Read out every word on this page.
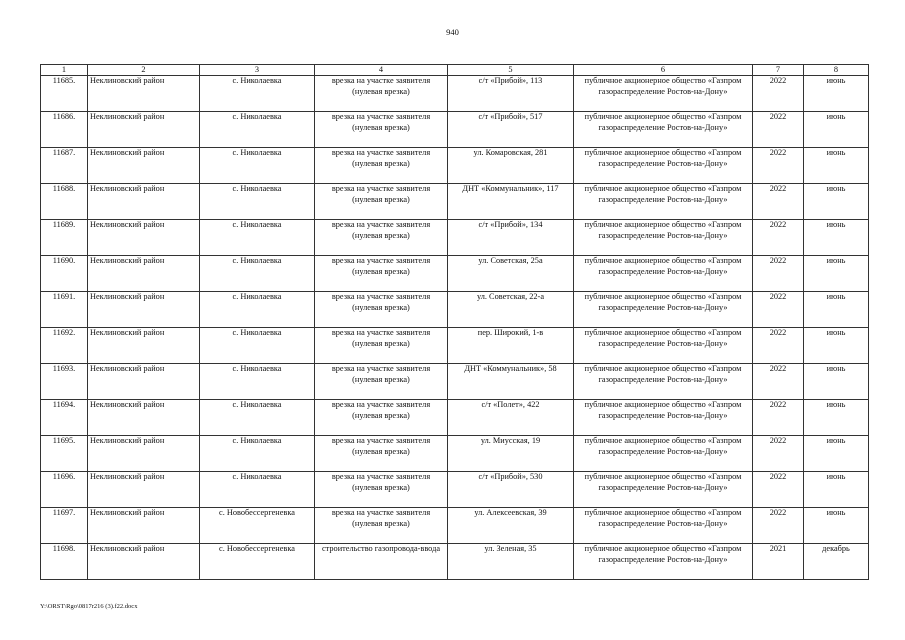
940
1	2	3	4	5	6	7	8
11685.	Неклиновский район	с. Николаевка	врезка на участке заявителя (нулевая врезка)	с/т «Прибой», 113	публичное акционерное общество «Газпром газораспределение Ростов-на-Дону»	2022	июнь
11686.	Неклиновский район	с. Николаевка	врезка на участке заявителя (нулевая врезка)	с/т «Прибой», 517	публичное акционерное общество «Газпром газораспределение Ростов-на-Дону»	2022	июнь
11687.	Неклиновский район	с. Николаевка	врезка на участке заявителя (нулевая врезка)	ул. Комаровская, 281	публичное акционерное общество «Газпром газораспределение Ростов-на-Дону»	2022	июнь
11688.	Неклиновский район	с. Николаевка	врезка на участке заявителя (нулевая врезка)	ДНТ «Коммунальник», 117	публичное акционерное общество «Газпром газораспределение Ростов-на-Дону»	2022	июнь
11689.	Неклиновский район	с. Николаевка	врезка на участке заявителя (нулевая врезка)	с/т «Прибой», 134	публичное акционерное общество «Газпром газораспределение Ростов-на-Дону»	2022	июнь
11690.	Неклиновский район	с. Николаевка	врезка на участке заявителя (нулевая врезка)	ул. Советская, 25а	публичное акционерное общество «Газпром газораспределение Ростов-на-Дону»	2022	июнь
11691.	Неклиновский район	с. Николаевка	врезка на участке заявителя (нулевая врезка)	ул. Советская, 22-а	публичное акционерное общество «Газпром газораспределение Ростов-на-Дону»	2022	июнь
11692.	Неклиновский район	с. Николаевка	врезка на участке заявителя (нулевая врезка)	пер. Широкий, 1-в	публичное акционерное общество «Газпром газораспределение Ростов-на-Дону»	2022	июнь
11693.	Неклиновский район	с. Николаевка	врезка на участке заявителя (нулевая врезка)	ДНТ «Коммунальник», 58	публичное акционерное общество «Газпром газораспределение Ростов-на-Дону»	2022	июнь
11694.	Неклиновский район	с. Николаевка	врезка на участке заявителя (нулевая врезка)	с/т «Полет», 422	публичное акционерное общество «Газпром газораспределение Ростов-на-Дону»	2022	июнь
11695.	Неклиновский район	с. Николаевка	врезка на участке заявителя (нулевая врезка)	ул. Миусская, 19	публичное акционерное общество «Газпром газораспределение Ростов-на-Дону»	2022	июнь
11696.	Неклиновский район	с. Николаевка	врезка на участке заявителя (нулевая врезка)	с/т «Прибой», 530	публичное акционерное общество «Газпром газораспределение Ростов-на-Дону»	2022	июнь
11697.	Неклиновский район	с. Новобессергеневка	врезка на участке заявителя (нулевая врезка)	ул. Алексеевская, 39	публичное акционерное общество «Газпром газораспределение Ростов-на-Дону»	2022	июнь
11698.	Неклиновский район	с. Новобессергеневка	строительство газопровода-ввода	ул. Зеленая, 35	публичное акционерное общество «Газпром газораспределение Ростов-на-Дону»	2021	декабрь
Y:\ORST\Rgo\0817r216 (3).f22.docx
